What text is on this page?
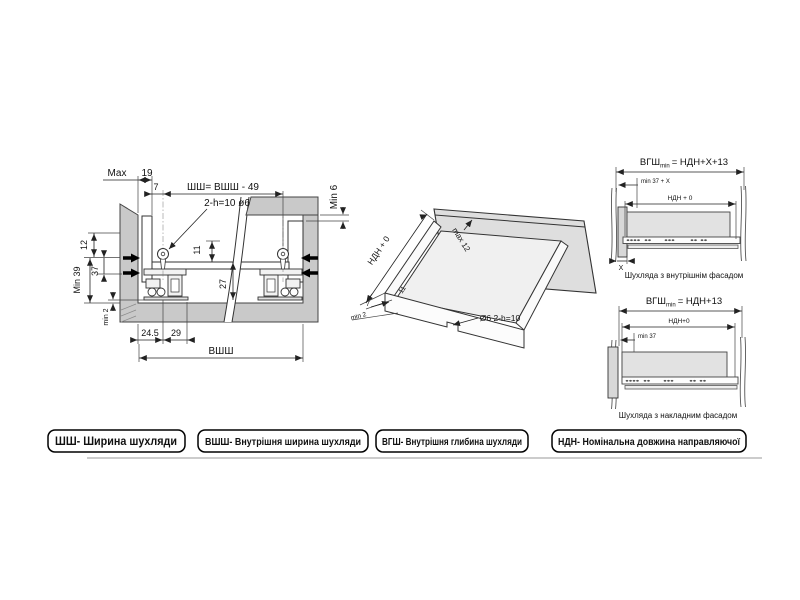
Max 19
7	ШШ= ВШШ - 49
2-h=10 ø6	Min 6
12
Min 39 37
min 2
11
27
24.5 29
ВШШ
НДН + 0	max 12
Ø6 2-h=10
11
7
min 2
$ВГШ_{min} = НДН+Х+13$
min 37 + X
НДН + 0
X
Шухляда з внутрішнім фасадом
$ВГШ_{min} = НДН+13$
НДН+0
min 37
Шухляда з накладним фасадом
ШШ- Ширина шухляди	ВШШ- Внутрішня ширина шухляди ВГШ- Внутрішня глибина шухляди	НДН- Номінальна довжина направляючої
